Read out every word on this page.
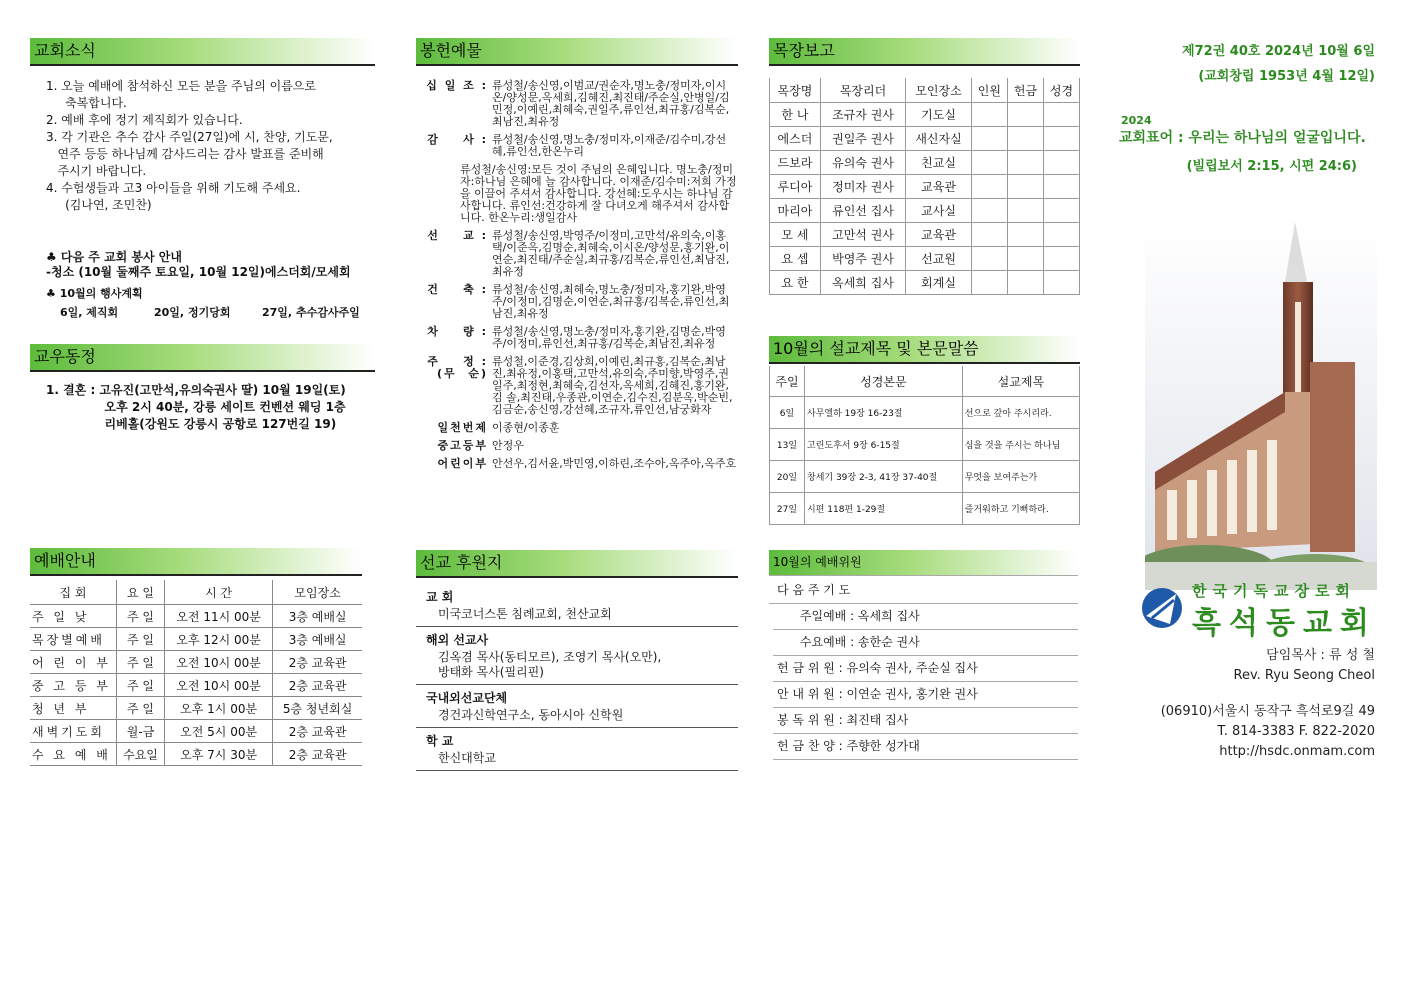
교회소식

1. 오늘 예배에 참석하신 모든 분을 주님의 이름으로

축복합니다.

2. 예배 후에 정기 제직회가 있습니다.

3. 각 기관은 추수 감사 주일(27일)에 시, 찬양, 기도문,

연주 등등 하나님께 감사드리는 감사 발표를 준비해

주시기 바랍니다.

4. 수험생들과 고3 아이들을 위해 기도해 주세요.

(김나연, 조민찬)

♣ 다음 주 교회 봉사 안내
-청소 (10월 둘째주 토요일, 10월 12일)에스더회/모세회
♣ 10월의 행사계획
6일, 제직회	20일, 정기당회	27일, 추수감사주일
교우동정
1. 결혼 : 고유진(고만석,유의숙권사 딸) 10월 19일(토)
오후 2시 40분, 강릉 세이트 컨벤션 웨딩 1층
리베홀(강원도 강릉시 공항로 127번길 19)
예배안내
집 회	요 일	시 간	모임장소
주 일 낮	주 일	오전 11시 00분	3층 예배실
목장별예배	주 일	오후 12시 00분	3층 예배실
어 린 이 부	주 일	오전 10시 00분	2층 교육관
중 고 등 부	주 일	오전 10시 00분	2층 교육관
청 년 부	주 일	오후 1시 00분	5층 청년회실
새벽기도회	월-금	오전 5시 00분	2층 교육관
수 요 예 배	수요일	오후 7시 30분	2층 교육관
봉헌예물
십 일 조 : 류성철/송신영,이범교/권순자,명노충/정미자,이시온/양성문,옥세희,김혜진,최진태/주순실,안병일/김민정,이예린,최혜숙,권일주,류인선,최규홍/김복순,최남진,최유정
감    사 : 류성철/송신영,명노충/정미자,이재준/김수미,강선혜,류인선,한온누리
류성철/송신영:모든 것이 주님의 은혜입니다. 명노충/정미자:하나님 은혜에 늘 감사합니다. 이재준/김수미:저희 가정을 이끌어 주셔서 감사합니다. 강선혜:도우시는 하나님 감사합니다. 류인선:건강하게 잘 다녀오게 해주셔서 감사합니다. 한온누리:생일감사
선    교 : 류성철/송신영,박영주/이정미,고만석/유의숙,이홍택/이준옥,김명순,최혜숙,이시온/양성문,홍기완,이연순,최진태/주순실,최규홍/김복순,류인선,최남진,최유정
건    축 : 류성철/송신영,최혜숙,명노충/정미자,홍기완,박영주/이정미,김명순,이연순,최규홍/김복순,류인선,최남진,최유정
차    량 : 류성철/송신영,명노충/정미자,홍기완,김명순,박영주/이정미,류인선,최규홍/김복순,최남진,최유정
주    정 :
(무  순)
류성철,이준경,김상희,이예린,최규홍,김복순,최남진,최유정,이홍택,고만석,유의숙,주미향,박영주,권일주,최정현,최혜숙,김선자,옥세희,김혜진,홍기완,김 솔,최진태,우종관,이연순,김수진,김분옥,박순빈,김금순,송신영,강선혜,조규자,류인선,남궁화자
일천번제 이종현/이종훈
중고등부 안정우
어린이부 안선우,김서윤,박민영,이하린,조수아,옥주아,옥주호
선교 후원지
교 회
미국코너스톤 침례교회, 천산교회
해외 선교사
김옥겸 목사(동티모르), 조영기 목사(오만),
방태화 목사(필리핀)
국내외선교단체
경건과신학연구소, 동아시아 신학원
학 교
한신대학교
목장보고
목장명	목장리더	모인장소	인원	헌금	성경
한 나	조규자 권사	기도실			
에스더	권일주 권사	새신자실			
드보라	유의숙 권사	친교실			
루디아	정미자 권사	교육관			
마리아	류인선 집사	교사실			
모 세	고만석 권사	교육관			
요 셉	박영주 권사	선교원			
요 한	옥세희 집사	회계실			
10월의 설교제목 및 본문말씀
주일	성경본문	설교제목
6일	사무엘하 19장 16-23절	선으로 갚아 주시리라.
13일	고린도후서 9장 6-15절	심을 것을 주시는 하나님
20일	창세기 39장 2-3, 41장 37-40절	무엇을 보여주는가
27일	시편 118편 1-29절	즐거워하고 기뻐하라.
10월의 예배위원
다 음 주 기 도
주일예배 : 옥세희 집사
수요예배 : 송한순 권사
헌 금 위 원 : 유의숙 권사, 주순실 집사
안 내 위 원 : 이연순 권사, 홍기완 권사
봉 독 위 원 : 최진태 집사
헌 금 찬 양 : 주향한 성가대
제72권 40호 2024년 10월 6일
(교회창립 1953년 4월 12일)
2024
교회표어 : 우리는 하나님의 얼굴입니다.
(빌립보서 2:15, 시편 24:6)
한국기독교장로회
흑석동교회
담임목사 : 류 성 철
Rev. Ryu Seong Cheol
(06910)서울시 동작구 흑석로9길 49
T. 814-3383 F. 822-2020
http://hsdc.onmam.com
